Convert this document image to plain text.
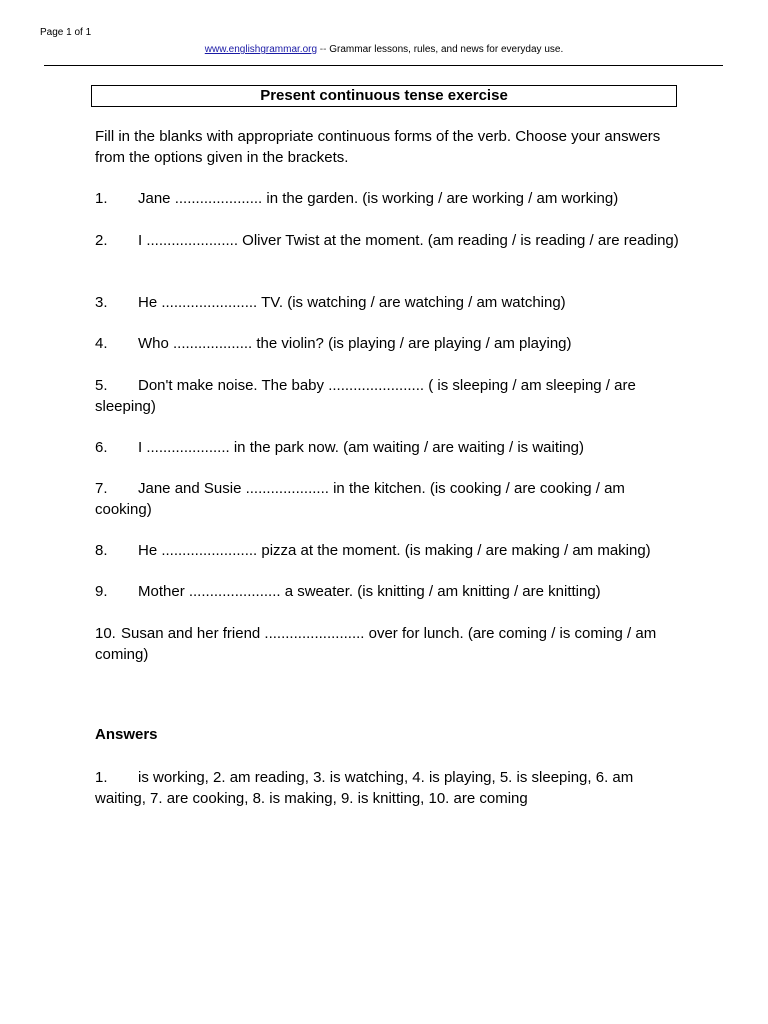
Page 1 of 1
www.englishgrammar.org -- Grammar lessons, rules, and news for everyday use.
Present continuous tense exercise
Fill in the blanks with appropriate continuous forms of the verb. Choose your answers from the options given in the brackets.
1. Jane ..................... in the garden. (is working / are working / am working)
2. I ...................... Oliver Twist at the moment. (am reading / is reading / are reading)
3. He ....................... TV. (is watching / are watching / am watching)
4. Who ................... the violin? (is playing / are playing / am playing)
5. Don't make noise. The baby ....................... ( is sleeping / am sleeping / are sleeping)
6. I .................... in the park now. (am waiting / are waiting / is waiting)
7. Jane and Susie .................... in the kitchen. (is cooking / are cooking / am cooking)
8. He ....................... pizza at the moment. (is making / are making / am making)
9. Mother ...................... a sweater. (is knitting / am knitting / are knitting)
10. Susan and her friend ........................ over for lunch. (are coming / is coming / am coming)
Answers
1. is working, 2. am reading, 3. is watching, 4. is playing, 5. is sleeping, 6. am waiting, 7. are cooking, 8. is making, 9. is knitting, 10. are coming
